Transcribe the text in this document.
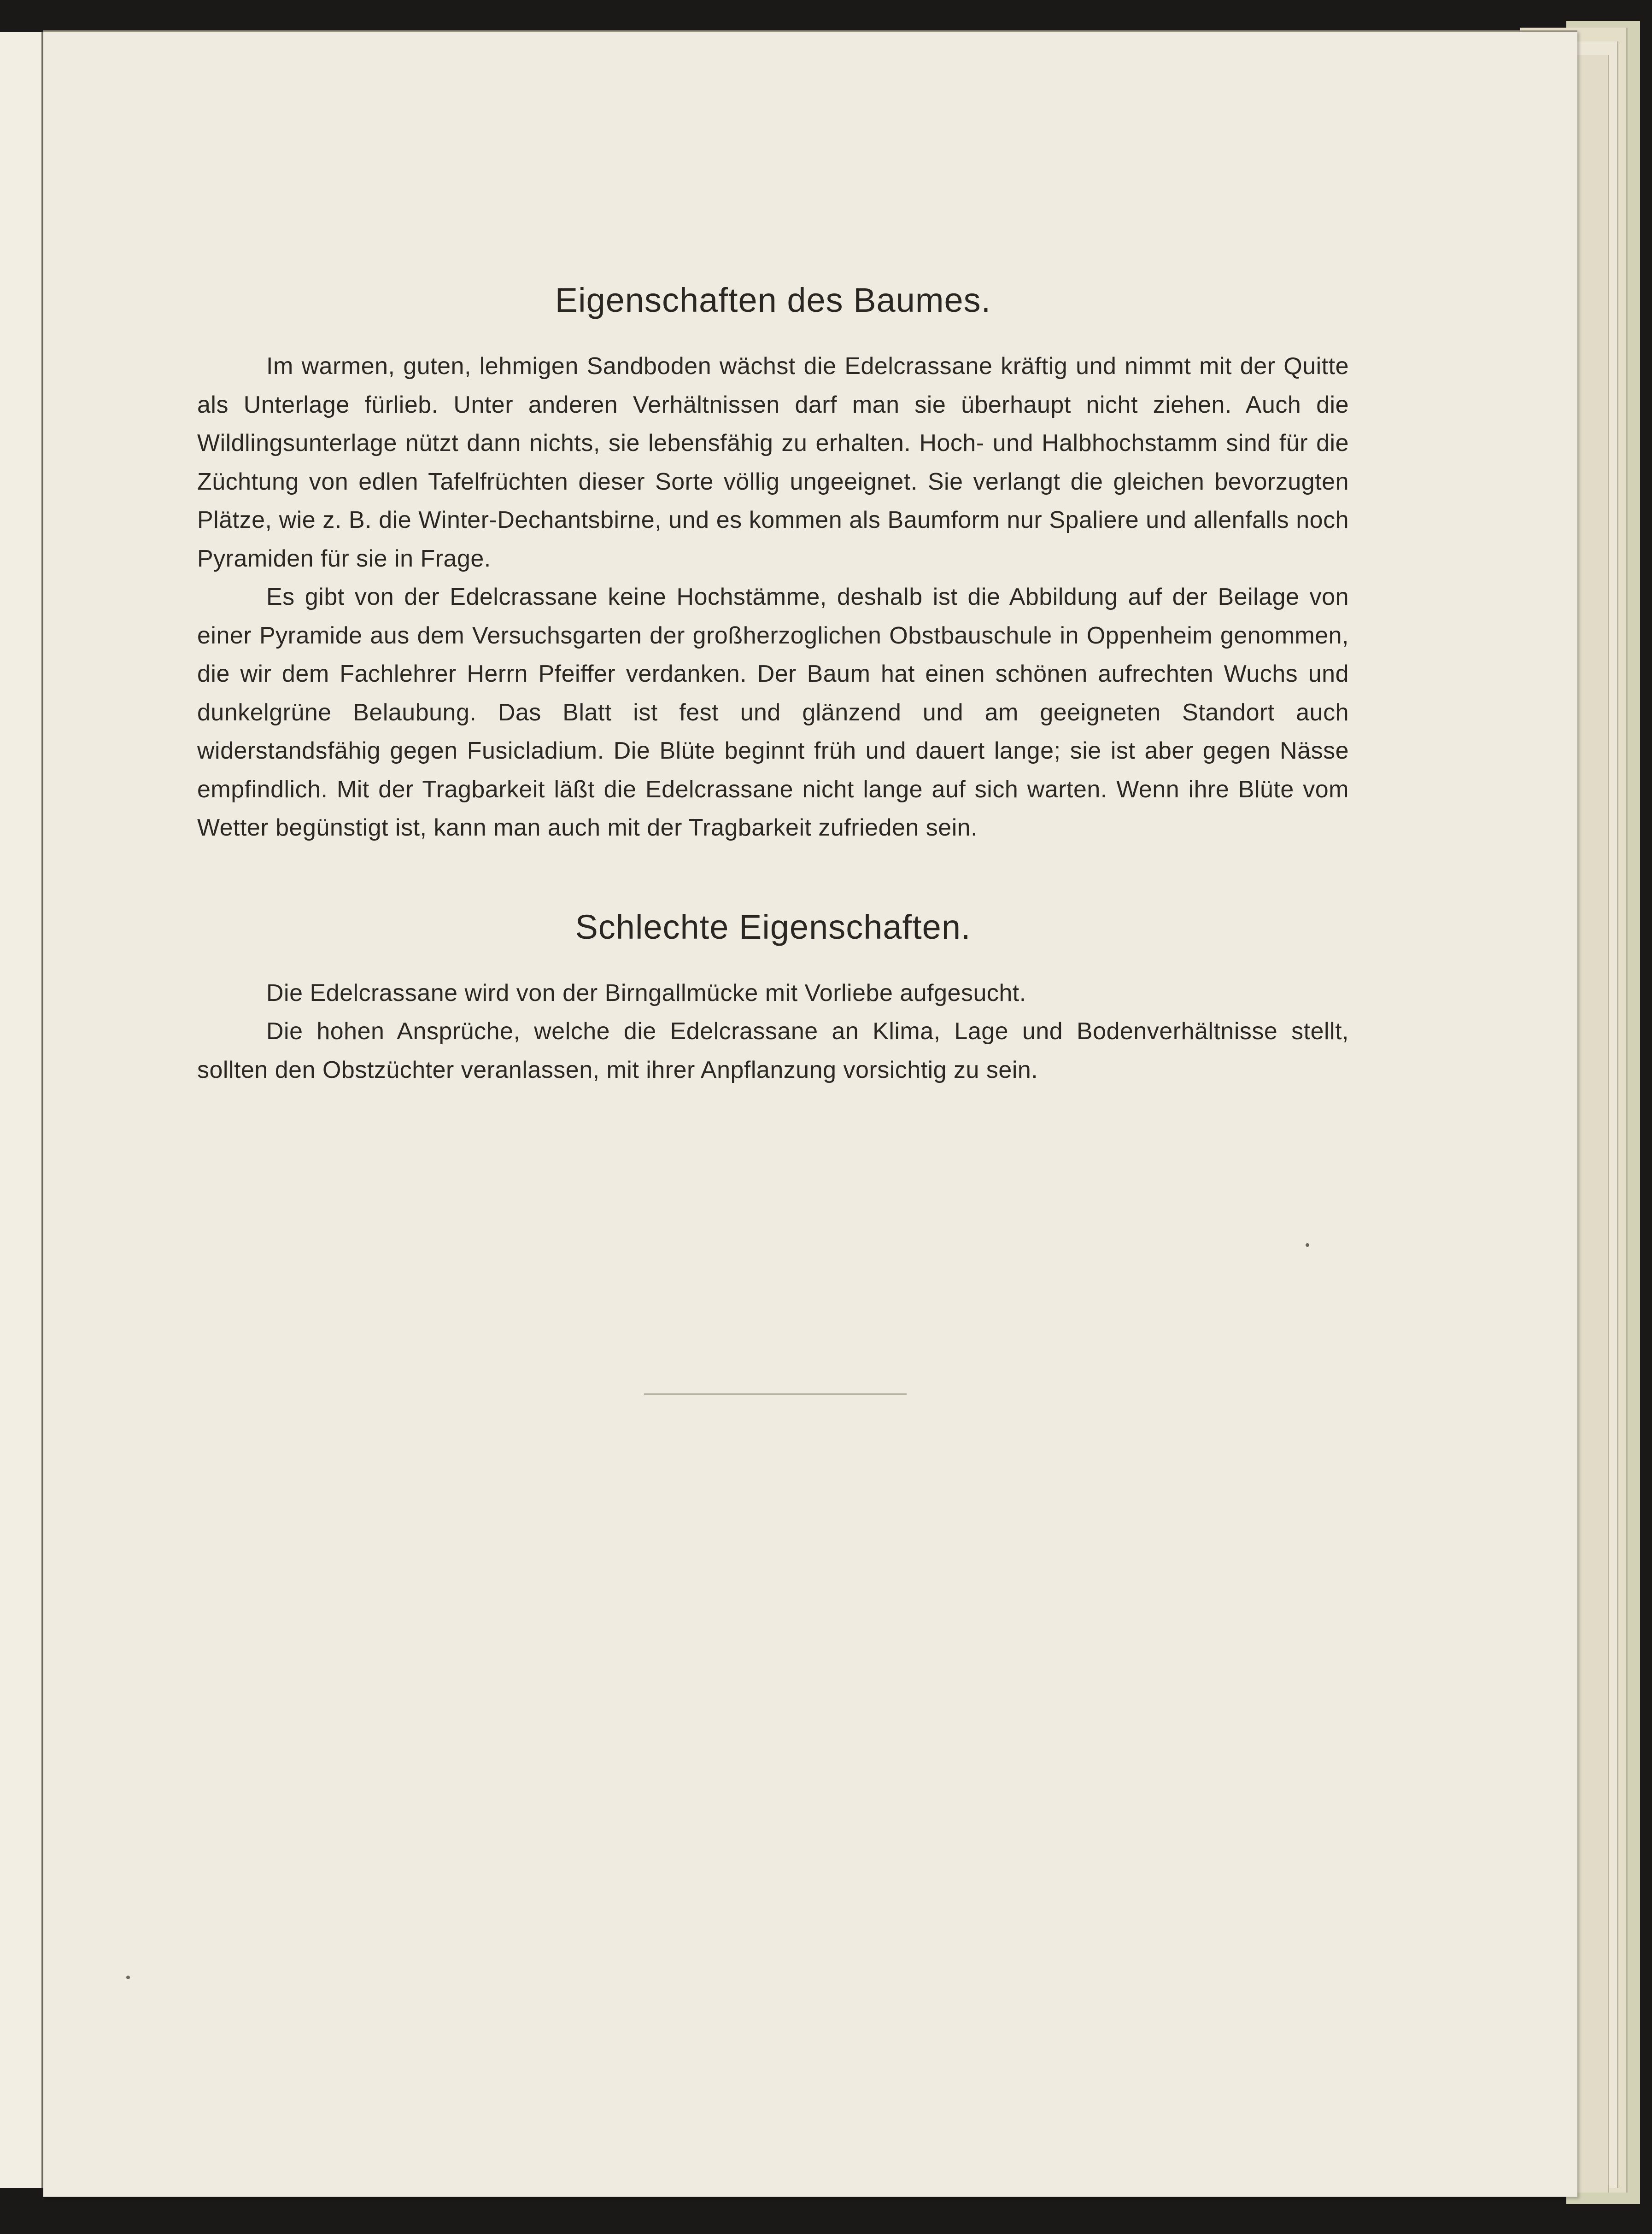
Eigenschaften des Baumes.

Im warmen, guten, lehmigen Sandboden wächst die Edelcrassane kräftig und nimmt mit der Quitte als Unterlage fürlieb. Unter anderen Verhältnissen darf man sie überhaupt nicht ziehen. Auch die Wildlingsunterlage nützt dann nichts, sie lebensfähig zu erhalten. Hoch- und Halbhochstamm sind für die Züchtung von edlen Tafelfrüchten dieser Sorte völlig ungeeignet. Sie verlangt die gleichen bevorzugten Plätze, wie z. B. die Winter-Dechantsbirne, und es kommen als Baumform nur Spaliere und allenfalls noch Pyramiden für sie in Frage.

Es gibt von der Edelcrassane keine Hochstämme, deshalb ist die Abbildung auf der Beilage von einer Pyramide aus dem Versuchsgarten der großherzoglichen Obstbauschule in Oppenheim genommen, die wir dem Fachlehrer Herrn Pfeiffer verdanken. Der Baum hat einen schönen aufrechten Wuchs und dunkelgrüne Belaubung. Das Blatt ist fest und glänzend und am geeigneten Standort auch widerstandsfähig gegen Fusicladium. Die Blüte beginnt früh und dauert lange; sie ist aber gegen Nässe empfindlich. Mit der Tragbarkeit läßt die Edelcrassane nicht lange auf sich warten. Wenn ihre Blüte vom Wetter begünstigt ist, kann man auch mit der Tragbarkeit zufrieden sein.

Schlechte Eigenschaften.

Die Edelcrassane wird von der Birngallmücke mit Vorliebe aufgesucht.

Die hohen Ansprüche, welche die Edelcrassane an Klima, Lage und Bodenverhältnisse stellt, sollten den Obstzüchter veranlassen, mit ihrer Anpflanzung vorsichtig zu sein.
